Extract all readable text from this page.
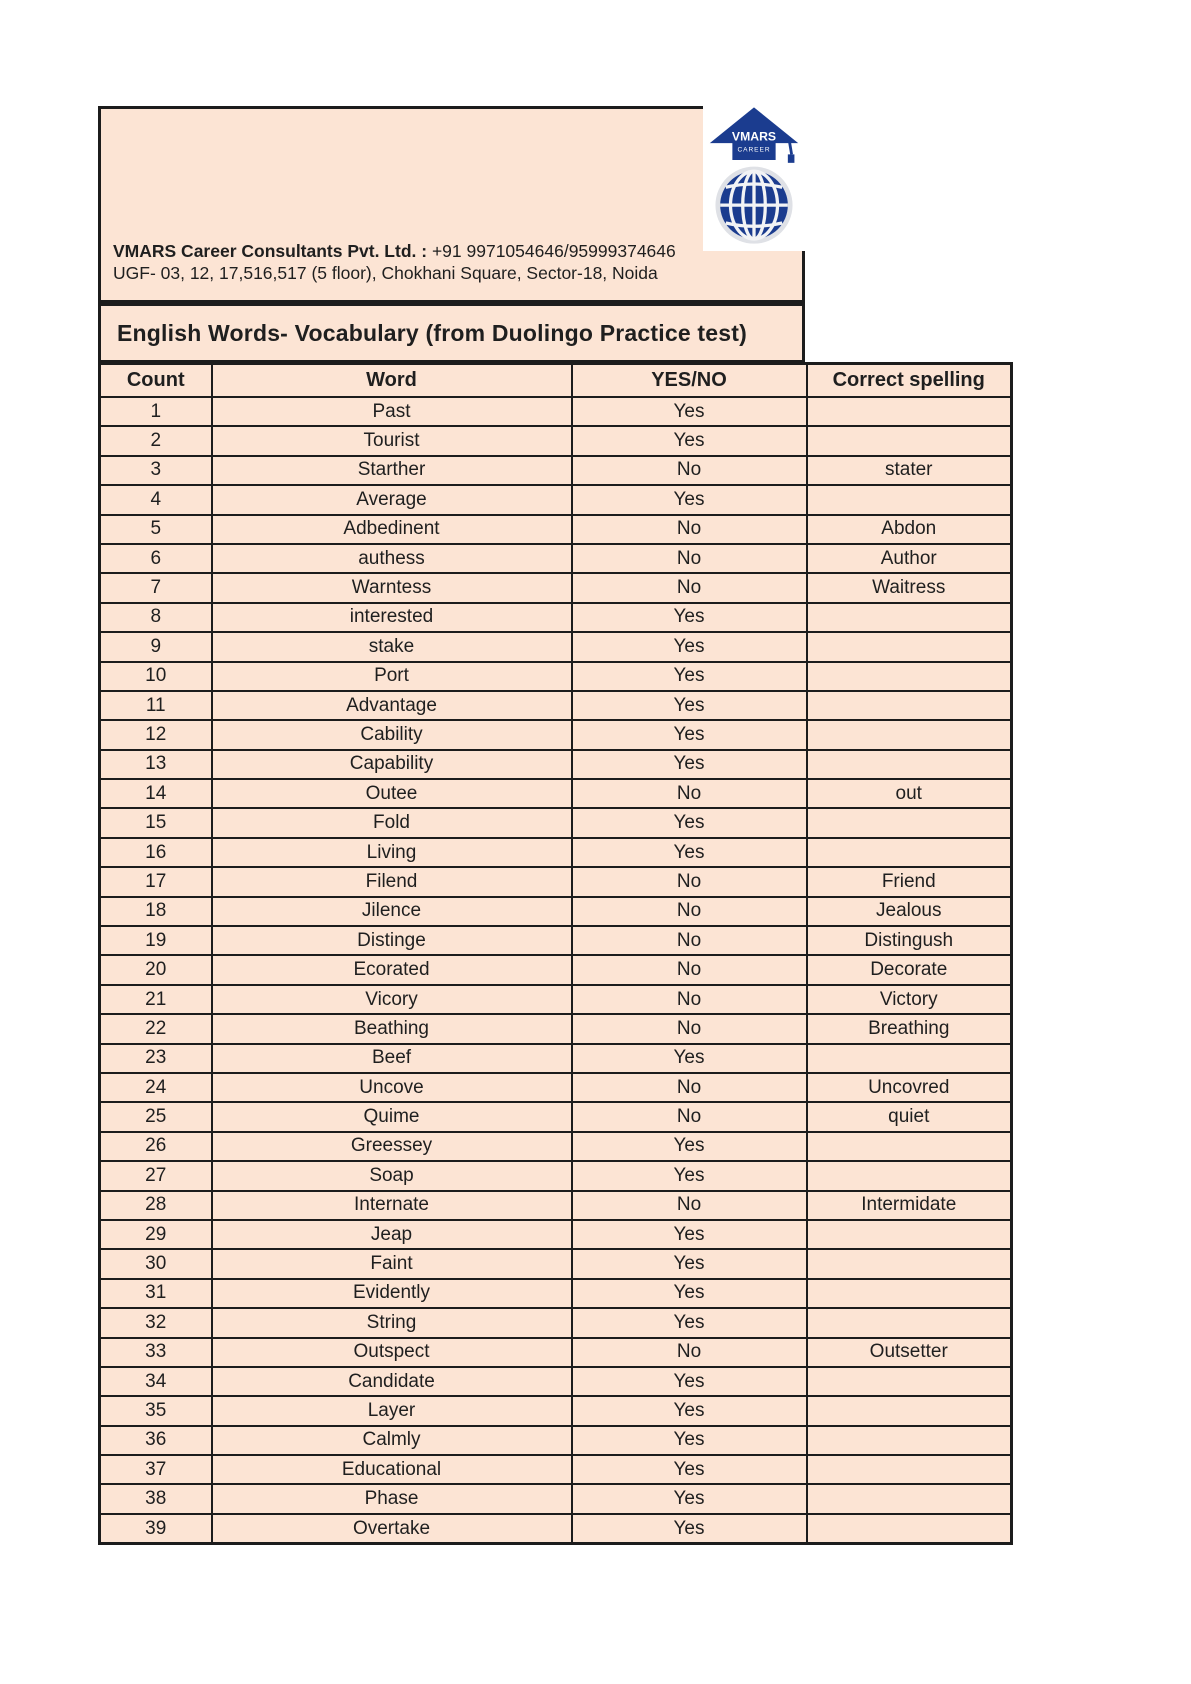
VMARS Career Consultants Pvt. Ltd. : +91 9971054646/95999374646
UGF- 03, 12, 17,516,517 (5 floor), Chokhani Square, Sector-18, Noida
VMARS
CAREER
English Words- Vocabulary (from Duolingo Practice test)
Count	Word	YES/NO	Correct spelling
1	Past	Yes	
2	Tourist	Yes	
3	Starther	No	stater
4	Average	Yes	
5	Adbedinent	No	Abdon
6	authess	No	Author
7	Warntess	No	Waitress
8	interested	Yes	
9	stake	Yes	
10	Port	Yes	
11	Advantage	Yes	
12	Cability	Yes	
13	Capability	Yes	
14	Outee	No	out
15	Fold	Yes	
16	Living	Yes	
17	Filend	No	Friend
18	Jilence	No	Jealous
19	Distinge	No	Distingush
20	Ecorated	No	Decorate
21	Vicory	No	Victory
22	Beathing	No	Breathing
23	Beef	Yes	
24	Uncove	No	Uncovred
25	Quime	No	quiet
26	Greessey	Yes	
27	Soap	Yes	
28	Internate	No	Intermidate
29	Jeap	Yes	
30	Faint	Yes	
31	Evidently	Yes	
32	String	Yes	
33	Outspect	No	Outsetter
34	Candidate	Yes	
35	Layer	Yes	
36	Calmly	Yes	
37	Educational	Yes	
38	Phase	Yes	
39	Overtake	Yes	
